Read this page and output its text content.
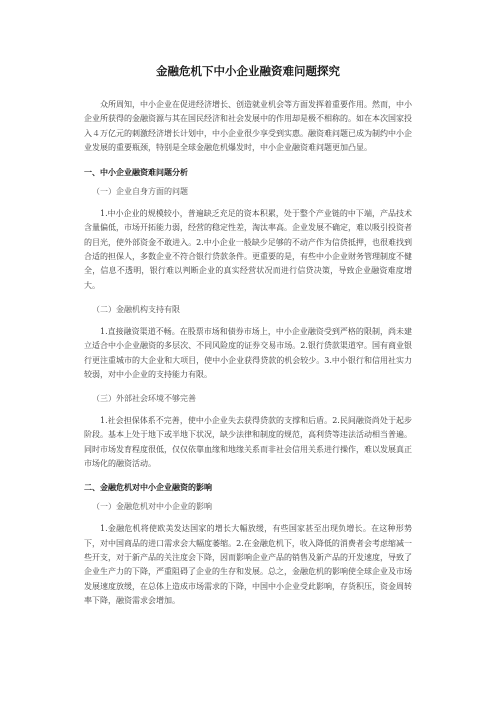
金融危机下中小企业融资难问题探究

众所周知，中小企业在促进经济增长、创造就业机会等方面发挥着重要作用。然而，中小企业所获得的金融资源与其在国民经济和社会发展中的作用却是极不相称的。如在本次国家投入４万亿元的刺激经济增长计划中，中小企业很少享受到实惠。融资难问题已成为制约中小企业发展的重要瓶颈，特别是全球金融危机爆发时，中小企业融资难问题更加凸显。

一、中小企业融资难问题分析
（一）企业自身方面的问题

1.中小企业的规模较小，普遍缺乏充足的资本积累，处于整个产业链的中下端，产品技术含量偏低，市场开拓能力弱，经营的稳定性差，淘汰率高。企业发展不确定，难以吸引投资者的目光，使外部资金不敢进入。2.中小企业一般缺少足够的不动产作为信贷抵押，也很难找到合适的担保人，多数企业不符合银行贷款条件。更重要的是，有些中小企业财务管理制度不健全，信息不透明，银行难以判断企业的真实经营状况而进行信贷决策，导致企业融资难度增大。

（二）金融机构支持有限

1.直接融资渠道不畅。在股票市场和债券市场上，中小企业融资受到严格的限制，尚未建立适合中小企业融资的多层次、不同风险度的证券交易市场。2.银行贷款渠道窄。国有商业银行更注重城市的大企业和大项目，使中小企业获得贷款的机会较少。3.中小银行和信用社实力较弱，对中小企业的支持能力有限。

（三）外部社会环境不够完善

1.社会担保体系不完善，使中小企业失去获得贷款的支撑和后盾。2.民间融资尚处于起步阶段。基本上处于地下或半地下状况，缺少法律和制度的规范，高利贷等违法活动相当普遍。同时市场发育程度很低，仅仅依靠血缘和地缘关系而非社会信用关系进行操作，难以发展真正市场化的融资活动。

二、金融危机对中小企业融资的影响
（一）金融危机对中小企业的影响

1.金融危机将使欧美发达国家的增长大幅放缓，有些国家甚至出现负增长。在这种形势下，对中国商品的进口需求会大幅度萎缩。2.在金融危机下，收入降低的消费者会考虑缩减一些开支，对于新产品的关注度会下降，因而影响企业产品的销售及新产品的开发速度，导致了企业生产力的下降，严重阻碍了企业的生存和发展。总之，金融危机的影响使全球企业及市场发展速度放缓，在总体上造成市场需求的下降，中国中小企业受此影响，存货积压，资金周转率下降，融资需求会增加。
